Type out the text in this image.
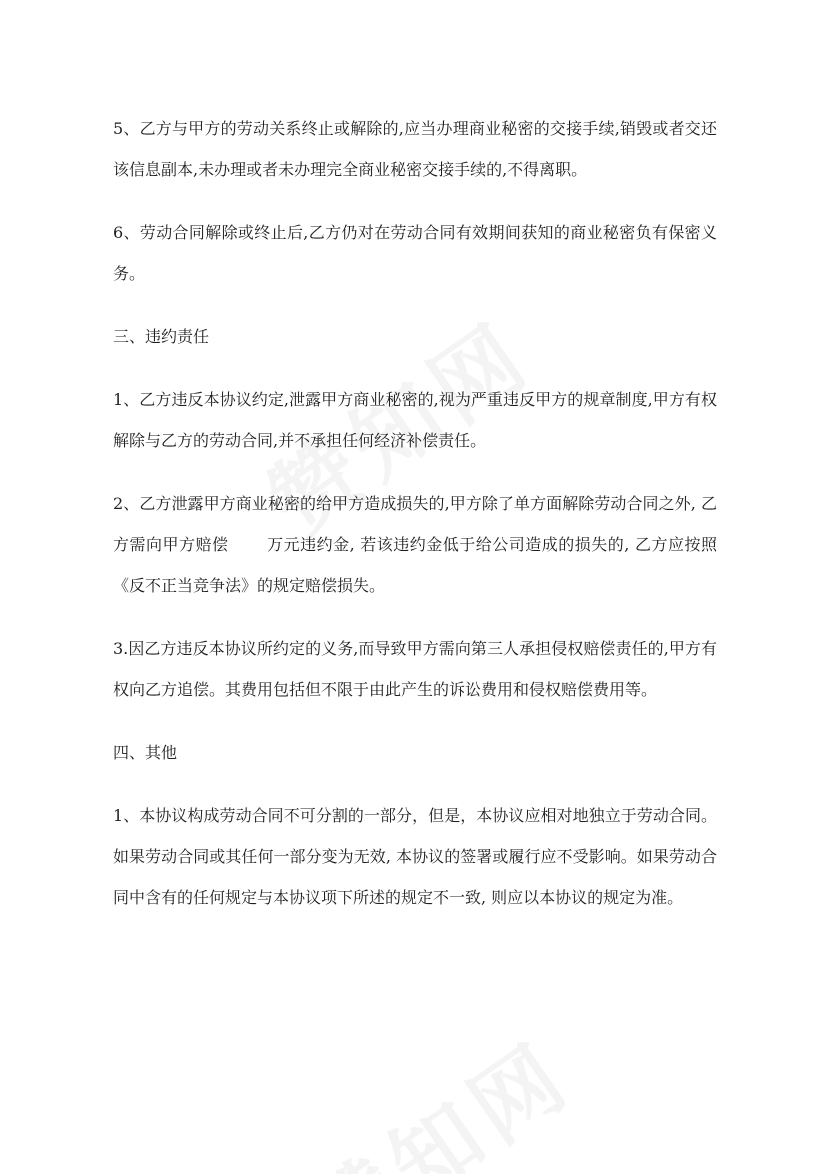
5、乙方与甲方的劳动关系终止或解除的,应当办理商业秘密的交接手续,销毁或者交还该信息副本,未办理或者未办理完全商业秘密交接手续的,不得离职。

6、劳动合同解除或终止后,乙方仍对在劳动合同有效期间获知的商业秘密负有保密义务。

三、违约责任

1、乙方违反本协议约定,泄露甲方商业秘密的,视为严重违反甲方的规章制度,甲方有权解除与乙方的劳动合同,并不承担任何经济补偿责任。

2、乙方泄露甲方商业秘密的给甲方造成损失的,甲方除了单方面解除劳动合同之外, 乙方需向甲方赔偿　　 万元违约金, 若该违约金低于给公司造成的损失的, 乙方应按照《反不正当竞争法》的规定赔偿损失。

3.因乙方违反本协议所约定的义务,而导致甲方需向第三人承担侵权赔偿责任的,甲方有权向乙方追偿。其费用包括但不限于由此产生的诉讼费用和侵权赔偿费用等。

四、其他

1、本协议构成劳动合同不可分割的一部分，但是，本协议应相对地独立于劳动合同。如果劳动合同或其任何一部分变为无效, 本协议的签署或履行应不受影响。如果劳动合同中含有的任何规定与本协议项下所述的规定不一致, 则应以本协议的规定为准。
